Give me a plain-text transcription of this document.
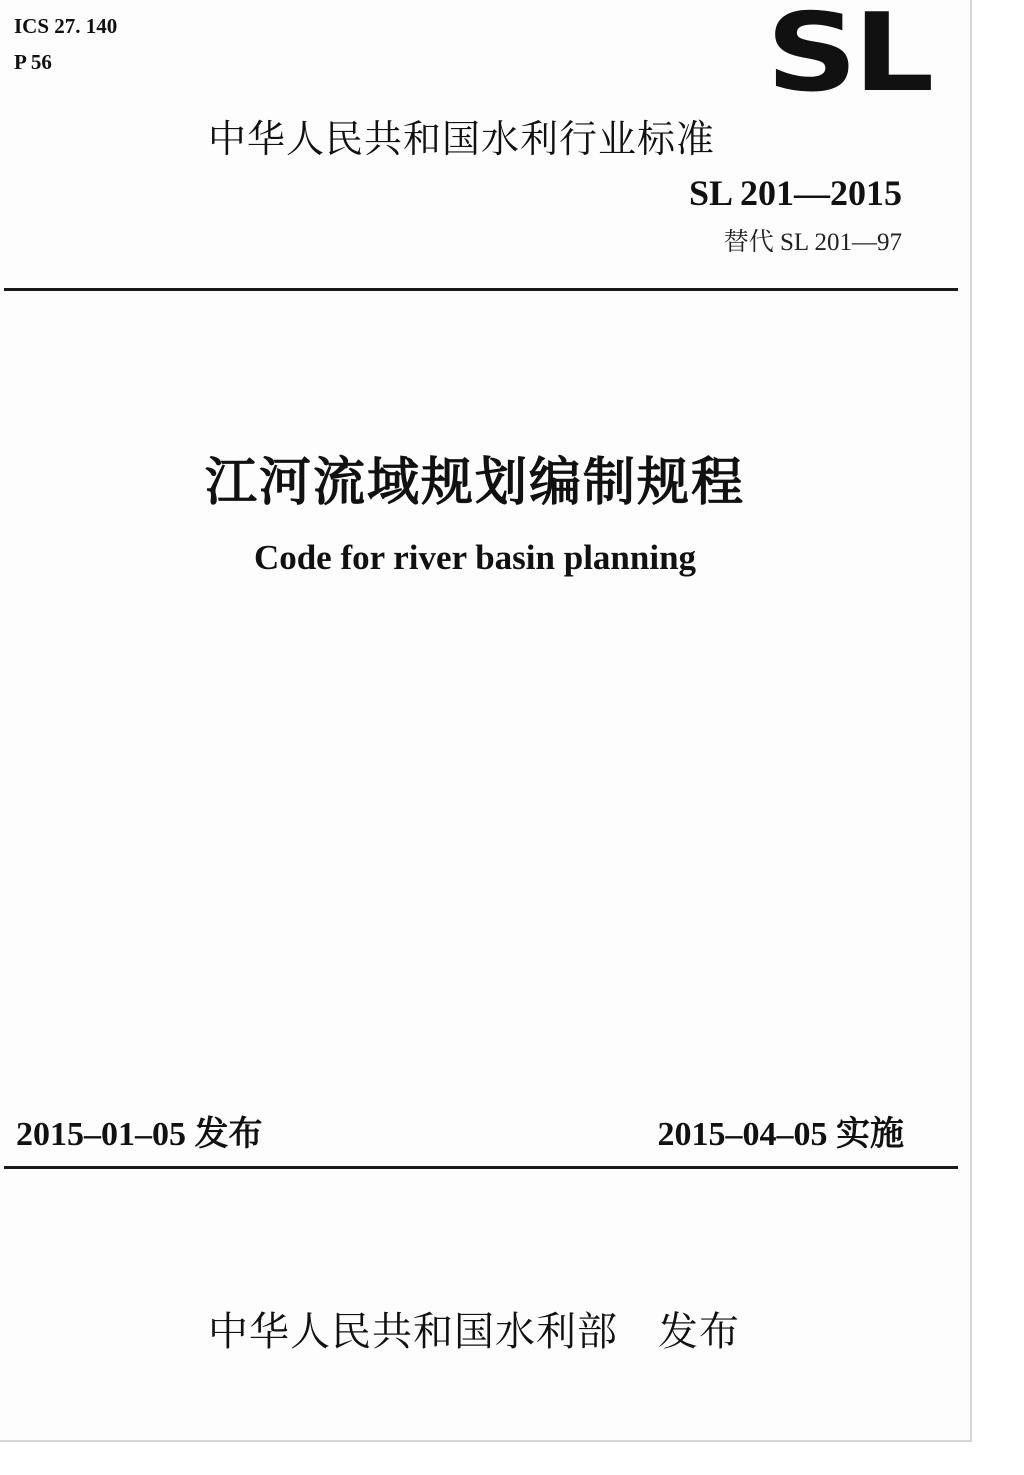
ICS 27. 140
P 56	SL
中华人民共和国水利行业标准
SL 201—2015
替代 SL 201—97
江河流域规划编制规程
Code for river basin planning
2015–01–05 发布	2015–04–05 实施
中华人民共和国水利部 发布
